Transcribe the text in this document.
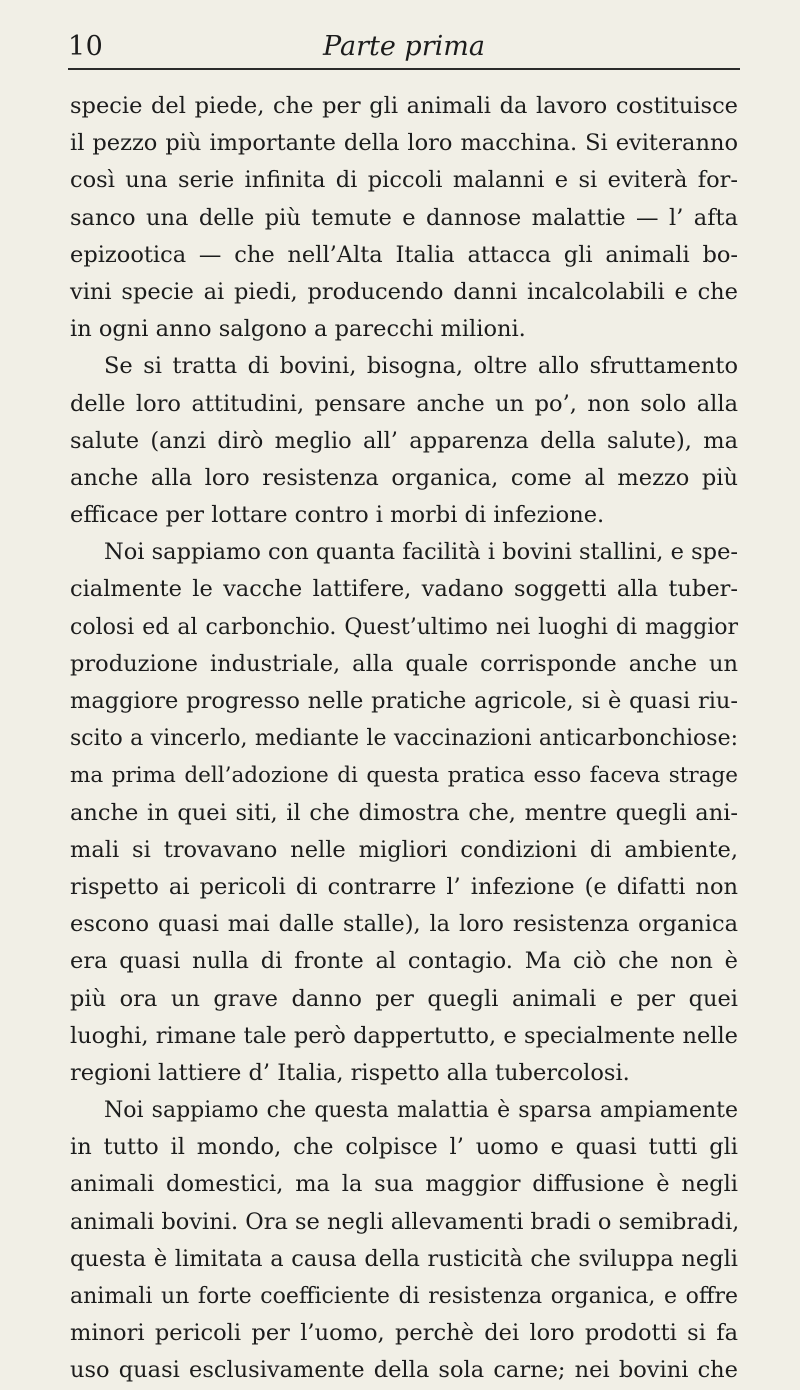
10	Parte prima
specie del piede, che per gli animali da lavoro costituisce
il pezzo più importante della loro macchina. Si eviteranno
così una serie infinita di piccoli malanni e si eviterà for-
sanco una delle più temute e dannose malattie — l’ afta
epizootica — che nell’Alta Italia attacca gli animali bo-
vini specie ai piedi, producendo danni incalcolabili e che
in ogni anno salgono a parecchi milioni.
Se si tratta di bovini, bisogna, oltre allo sfruttamento
delle loro attitudini, pensare anche un po’, non solo alla
salute (anzi dirò meglio all’ apparenza della salute), ma
anche alla loro resistenza organica, come al mezzo più
efficace per lottare contro i morbi di infezione.
Noi sappiamo con quanta facilità i bovini stallini, e spe-
cialmente le vacche lattifere, vadano soggetti alla tuber-
colosi ed al carbonchio. Quest’ultimo nei luoghi di maggior
produzione industriale, alla quale corrisponde anche un
maggiore progresso nelle pratiche agricole, si è quasi riu-
scito a vincerlo, mediante le vaccinazioni anticarbonchiose:
ma prima dell’adozione di questa pratica esso faceva strage
anche in quei siti, il che dimostra che, mentre quegli ani-
mali si trovavano nelle migliori condizioni di ambiente,
rispetto ai pericoli di contrarre l’ infezione (e difatti non
escono quasi mai dalle stalle), la loro resistenza organica
era quasi nulla di fronte al contagio. Ma ciò che non è
più ora un grave danno per quegli animali e per quei
luoghi, rimane tale però dappertutto, e specialmente nelle
regioni lattiere d’ Italia, rispetto alla tubercolosi.
Noi sappiamo che questa malattia è sparsa ampiamente
in tutto il mondo, che colpisce l’ uomo e quasi tutti gli
animali domestici, ma la sua maggior diffusione è negli
animali bovini. Ora se negli allevamenti bradi o semibradi,
questa è limitata a causa della rusticità che sviluppa negli
animali un forte coefficiente di resistenza organica, e offre
minori pericoli per l’uomo, perchè dei loro prodotti si fa
uso quasi esclusivamente della sola carne; nei bovini che
